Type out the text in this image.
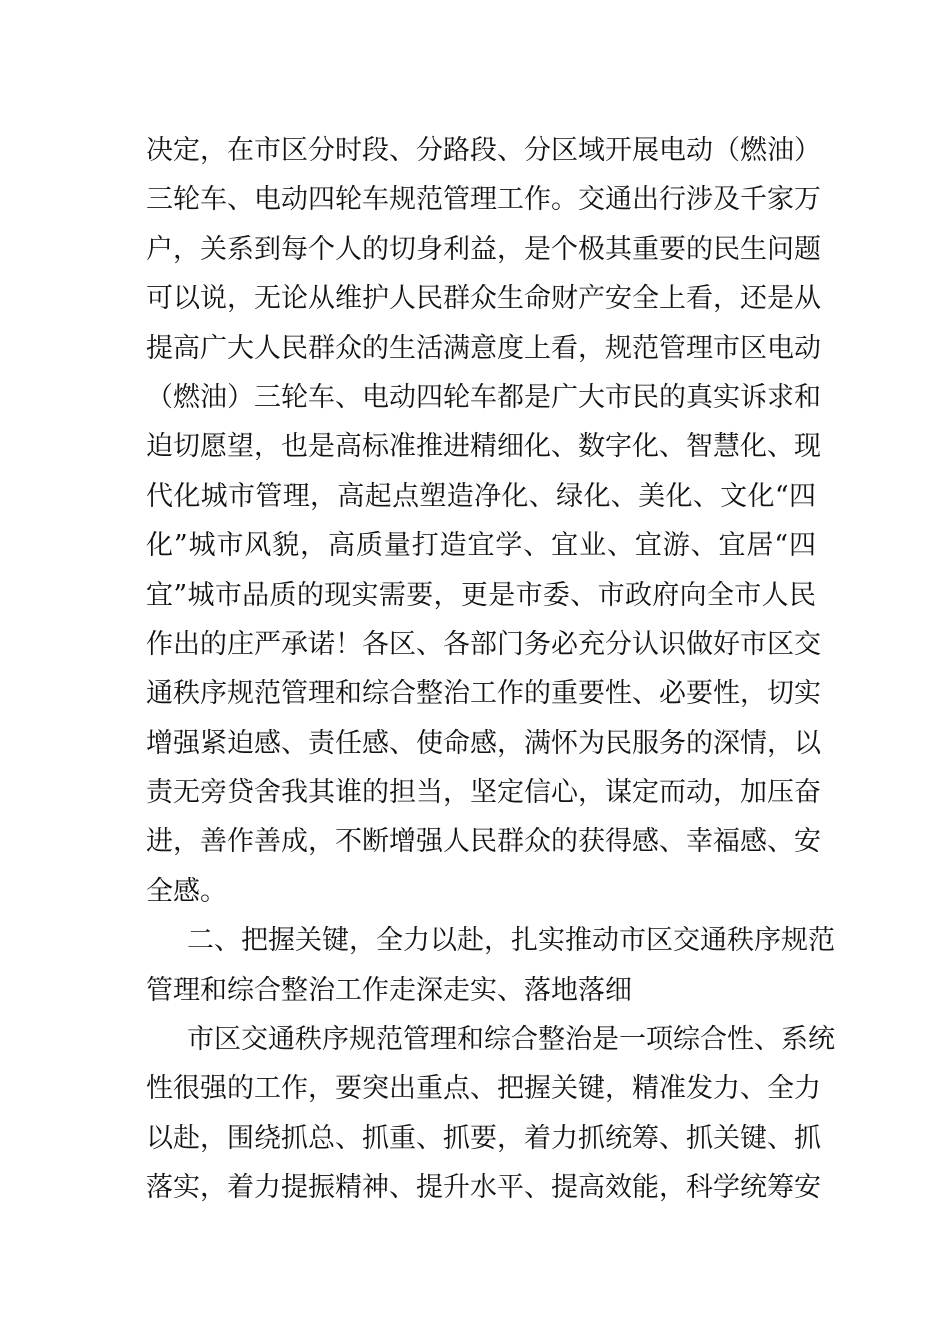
决定，在市区分时段、分路段、分区域开展电动（燃油）
三轮车、电动四轮车规范管理工作。交通出行涉及千家万
户，关系到每个人的切身利益，是个极其重要的民生问题
可以说，无论从维护人民群众生命财产安全上看，还是从
提高广大人民群众的生活满意度上看，规范管理市区电动
（燃油）三轮车、电动四轮车都是广大市民的真实诉求和
迫切愿望，也是高标准推进精细化、数字化、智慧化、现
代化城市管理，高起点塑造净化、绿化、美化、文化“四
化”城市风貌，高质量打造宜学、宜业、宜游、宜居“四
宜”城市品质的现实需要，更是市委、市政府向全市人民
作出的庄严承诺！各区、各部门务必充分认识做好市区交
通秩序规范管理和综合整治工作的重要性、必要性，切实
增强紧迫感、责任感、使命感，满怀为民服务的深情，以
责无旁贷舍我其谁的担当，坚定信心，谋定而动，加压奋
进，善作善成，不断增强人民群众的获得感、幸福感、安
全感。
二、把握关键，全力以赴，扎实推动市区交通秩序规范
管理和综合整治工作走深走实、落地落细
市区交通秩序规范管理和综合整治是一项综合性、系统
性很强的工作，要突出重点、把握关键，精准发力、全力
以赴，围绕抓总、抓重、抓要，着力抓统筹、抓关键、抓
落实，着力提振精神、提升水平、提高效能，科学统筹安
